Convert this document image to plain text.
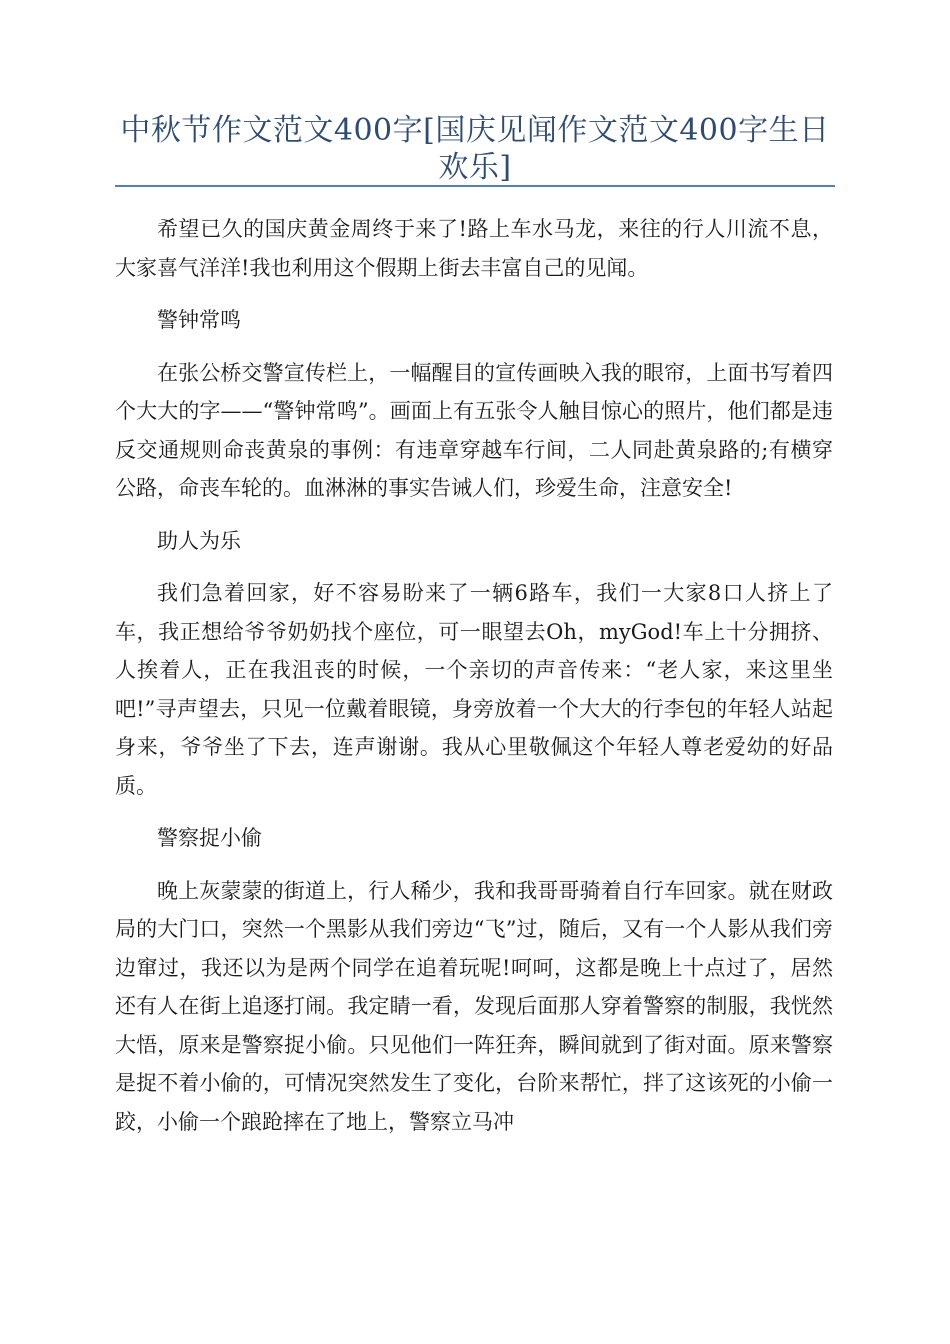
中秋节作文范文400字[国庆见闻作文范文400字生日欢乐]

希望已久的国庆黄金周终于来了!路上车水马龙，来往的行人川流不息，大家喜气洋洋!我也利用这个假期上街去丰富自己的见闻。

警钟常鸣

在张公桥交警宣传栏上，一幅醒目的宣传画映入我的眼帘，上面书写着四个大大的字——“警钟常鸣”。画面上有五张令人触目惊心的照片，他们都是违反交通规则命丧黄泉的事例：有违章穿越车行间，二人同赴黄泉路的;有横穿公路，命丧车轮的。血淋淋的事实告诫人们，珍爱生命，注意安全!

助人为乐

我们急着回家，好不容易盼来了一辆6路车，我们一大家8口人挤上了车，我正想给爷爷奶奶找个座位，可一眼望去Oh，myGod!车上十分拥挤、人挨着人，正在我沮丧的时候，一个亲切的声音传来：“老人家，来这里坐吧!”寻声望去，只见一位戴着眼镜，身旁放着一个大大的行李包的年轻人站起身来，爷爷坐了下去，连声谢谢。我从心里敬佩这个年轻人尊老爱幼的好品质。

警察捉小偷

晚上灰蒙蒙的街道上，行人稀少，我和我哥哥骑着自行车回家。就在财政局的大门口，突然一个黑影从我们旁边“飞”过，随后，又有一个人影从我们旁边窜过，我还以为是两个同学在追着玩呢!呵呵，这都是晚上十点过了，居然还有人在街上追逐打闹。我定睛一看，发现后面那人穿着警察的制服，我恍然大悟，原来是警察捉小偷。只见他们一阵狂奔，瞬间就到了街对面。原来警察是捉不着小偷的，可情况突然发生了变化，台阶来帮忙，拌了这该死的小偷一跤，小偷一个踉跄摔在了地上，警察立马冲
